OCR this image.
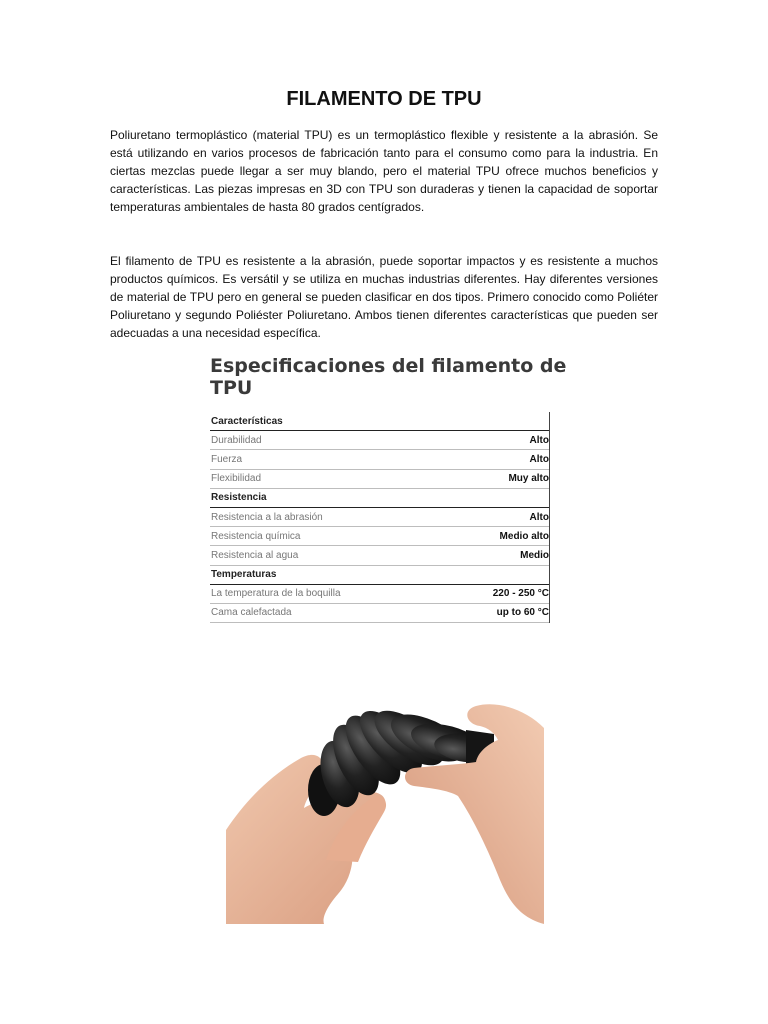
FILAMENTO DE TPU

Poliuretano termoplástico (material TPU) es un termoplástico flexible y resistente a la abrasión. Se está utilizando en varios procesos de fabricación tanto para el consumo como para la industria. En ciertas mezclas puede llegar a ser muy blando, pero el material TPU ofrece muchos beneficios y características. Las piezas impresas en 3D con TPU son duraderas y tienen la capacidad de soportar temperaturas ambientales de hasta 80 grados centígrados.

El filamento de TPU es resistente a la abrasión, puede soportar impactos y es resistente a muchos productos químicos. Es versátil y se utiliza en muchas industrias diferentes. Hay diferentes versiones de material de TPU pero en general se pueden clasificar en dos tipos. Primero conocido como Poliéter Poliuretano y segundo Poliéster Poliuretano. Ambos tienen diferentes características que pueden ser adecuadas a una necesidad específica.

Especificaciones del filamento de TPU
Características
Durabilidad	Alto
Fuerza	Alto
Flexibilidad	Muy alto
Resistencia
Resistencia a la abrasión	Alto
Resistencia química	Medio alto
Resistencia al agua	Medio
Temperaturas
La temperatura de la boquilla	220 - 250 °C
Cama calefactada	up to 60 °C
